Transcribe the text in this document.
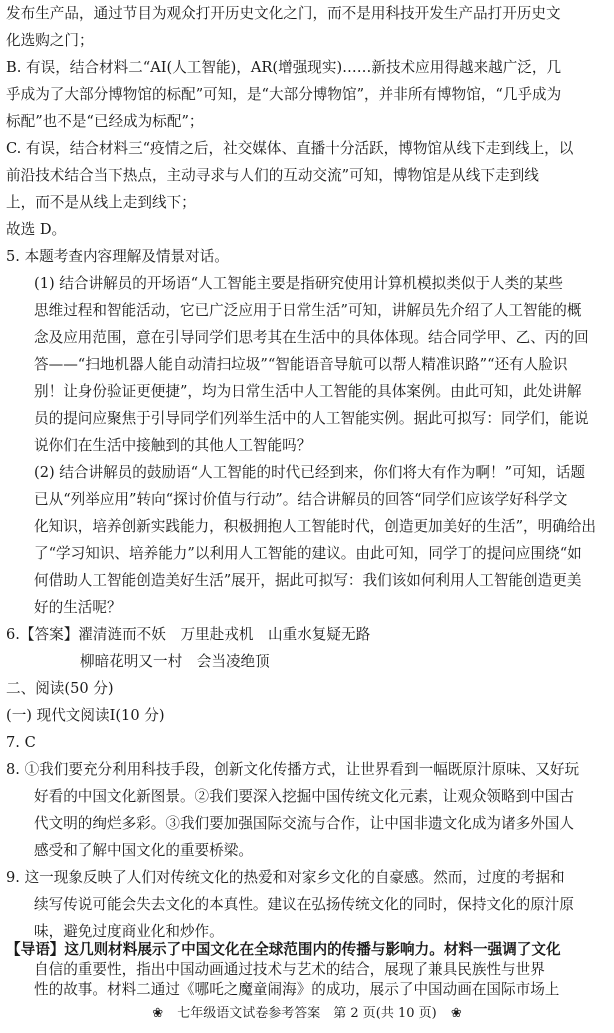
发布生产品，通过节目为观众打开历史文化之门，而不是用科技开发生产品打开历史文
化选购之门；
B. 有误，结合材料二“AI(人工智能)，AR(增强现实)……新技术应用得越来越广泛，几
乎成为了大部分博物馆的标配”可知，是“大部分博物馆”，并非所有博物馆，“几乎成为
标配”也不是“已经成为标配”；
C. 有误，结合材料三“疫情之后，社交媒体、直播十分活跃，博物馆从线下走到线上，以
前沿技术结合当下热点，主动寻求与人们的互动交流”可知，博物馆是从线下走到线
上，而不是从线上走到线下；
故选 D。
5. 本题考查内容理解及情景对话。
(1) 结合讲解员的开场语“人工智能主要是指研究使用计算机模拟类似于人类的某些
思维过程和智能活动，它已广泛应用于日常生活”可知，讲解员先介绍了人工智能的概
念及应用范围，意在引导同学们思考其在生活中的具体体现。结合同学甲、乙、丙的回
答——“扫地机器人能自动清扫垃圾”“智能语音导航可以帮人精准识路”“还有人脸识
别！让身份验证更便捷”，均为日常生活中人工智能的具体案例。由此可知，此处讲解
员的提问应聚焦于引导同学们列举生活中的人工智能实例。据此可拟写：同学们，能说
说你们在生活中接触到的其他人工智能吗？
(2) 结合讲解员的鼓励语“人工智能的时代已经到来，你们将大有作为啊！”可知，话题
已从“列举应用”转向“探讨价值与行动”。结合讲解员的回答“同学们应该学好科学文
化知识，培养创新实践能力，积极拥抱人工智能时代，创造更加美好的生活”，明确给出
了“学习知识、培养能力”以利用人工智能的建议。由此可知，同学丁的提问应围绕“如
何借助人工智能创造美好生活”展开，据此可拟写：我们该如何利用人工智能创造更美
好的生活呢？
6.【答案】濯清涟而不妖　万里赴戎机　山重水复疑无路
柳暗花明又一村　会当凌绝顶
二、阅读(50 分)
(一) 现代文阅读Ⅰ(10 分)
7. C
8. ①我们要充分利用科技手段，创新文化传播方式，让世界看到一幅既原汁原味、又好玩
好看的中国文化新图景。②我们要深入挖掘中国传统文化元素，让观众领略到中国古
代文明的绚烂多彩。③我们要加强国际交流与合作，让中国非遗文化成为诸多外国人
感受和了解中国文化的重要桥梁。
9. 这一现象反映了人们对传统文化的热爱和对家乡文化的自豪感。然而，过度的考据和
续写传说可能会失去文化的本真性。建议在弘扬传统文化的同时，保持文化的原汁原
味，避免过度商业化和炒作。
【导语】这几则材料展示了中国文化在全球范围内的传播与影响力。材料一强调了文化
自信的重要性，指出中国动画通过技术与艺术的结合，展现了兼具民族性与世界
性的故事。材料二通过《哪吒之魔童闹海》的成功，展示了中国动画在国际市场上
❀ 七年级语文试卷参考答案　第 2 页(共 10 页) ❀
